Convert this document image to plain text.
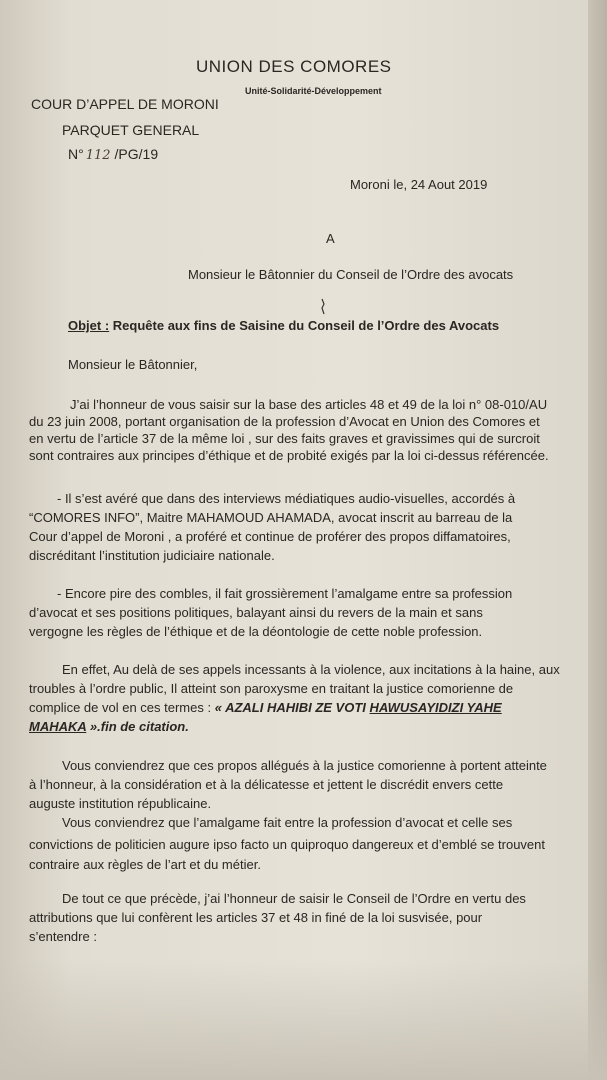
UNION DES COMORES
Unité-Solidarité-Développement
COUR D’APPEL DE MORONI
PARQUET GENERAL
N° 112 /PG/19
Moroni le, 24 Aout 2019
A
Monsieur le Bâtonnier du Conseil de l’Ordre des avocats
Objet : Requête aux fins de Saisine du Conseil de l’Ordre des Avocats
Monsieur le Bâtonnier,
J’ai l’honneur de vous saisir sur la base des articles 48 et 49 de la loi n° 08-010/AU
du 23 juin 2008, portant organisation de la profession d’Avocat en Union des Comores et
en vertu de l’article 37 de la même loi , sur des faits graves et gravissimes qui de surcroit
sont contraires aux principes d’éthique et de probité exigés par la loi ci-dessus référencée.
- Il s’est avéré que dans des interviews médiatiques audio-visuelles, accordés à
“COMORES INFO”, Maitre MAHAMOUD AHAMADA, avocat inscrit au barreau de la
Cour d’appel de Moroni , a proféré et continue de proférer des propos diffamatoires,
discréditant l’institution judiciaire nationale.
- Encore pire des combles, il fait grossièrement l’amalgame entre sa profession
d’avocat et ses positions politiques, balayant ainsi du revers de la main et sans
vergogne les règles de l’éthique et de la déontologie de cette noble profession.
En effet, Au delà de ses appels incessants à la violence, aux incitations à la haine, aux
troubles à l’ordre public, Il atteint son paroxysme en traitant la justice comorienne de
complice de vol en ces termes : « AZALI HAHIBI ZE VOTI HAWUSAYIDIZI YAHE
MAHAKA ».fin de citation.
Vous conviendrez que ces propos allégués à la justice comorienne à portent atteinte
à l’honneur, à la considération et à la délicatesse et jettent le discrédit envers cette
auguste institution républicaine.
Vous conviendrez que l’amalgame fait entre la profession d’avocat et celle ses
convictions de politicien augure ipso facto un quiproquo dangereux et d’emblé se trouvent
contraire aux règles de l’art et du métier.
De tout ce que précède, j’ai l’honneur de saisir le Conseil de l’Ordre en vertu des
attributions que lui confèrent les articles 37 et 48 in finé de la loi susvisée, pour
s’entendre :
